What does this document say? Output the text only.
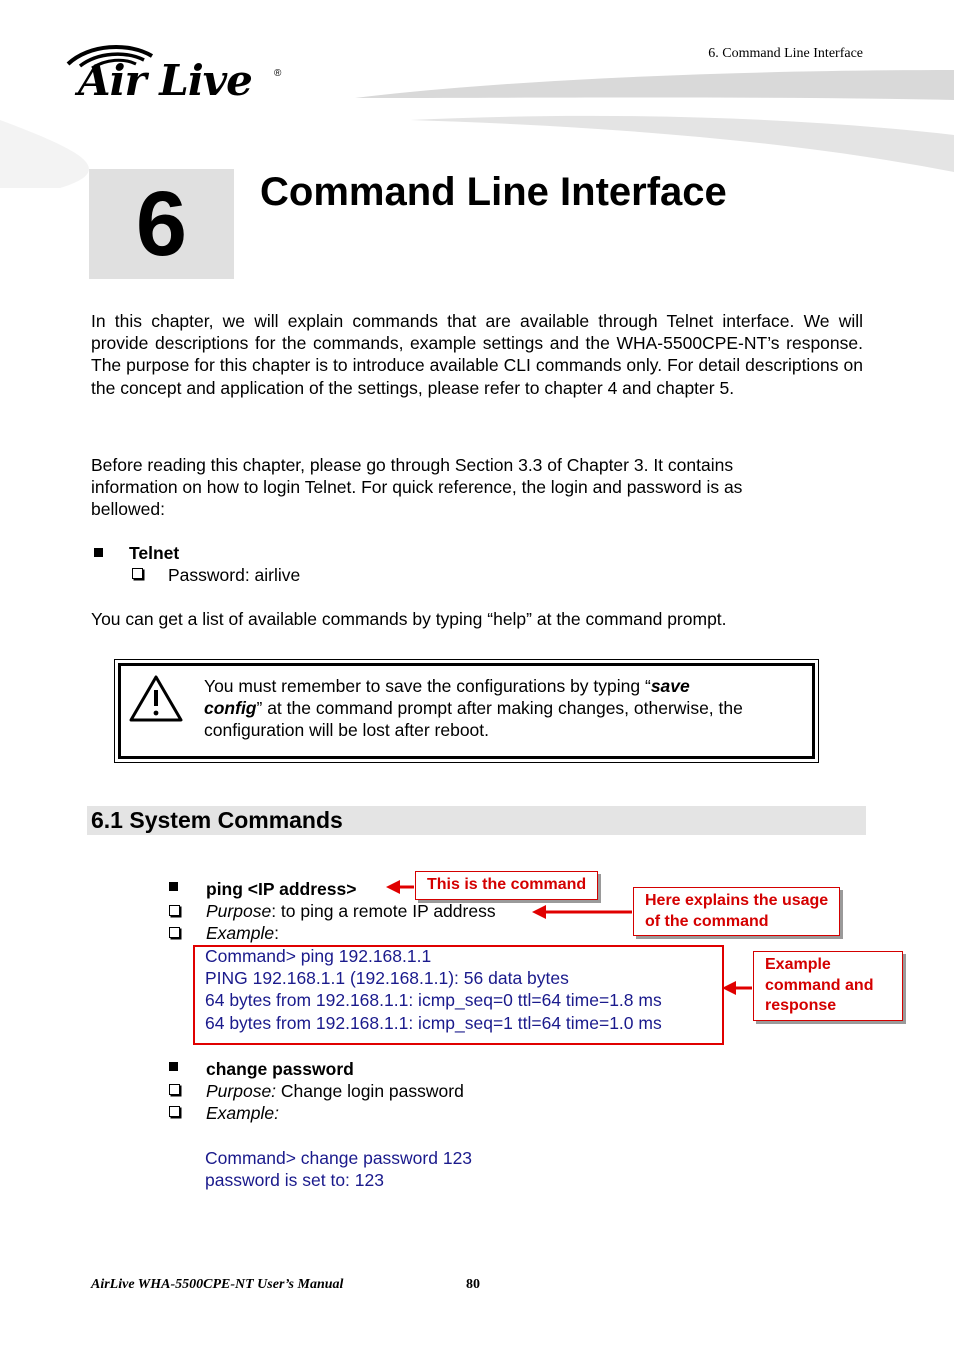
6. Command Line Interface
Air Live ®
6	Command Line Interface
In this chapter, we will explain commands that are available through Telnet interface. We will provide descriptions for the commands, example settings and the WHA-5500CPE-NT’s response. The purpose for this chapter is to introduce available CLI commands only. For detail descriptions on the concept and application of the settings, please refer to chapter 4 and chapter 5.
Before reading this chapter, please go through Section 3.3 of Chapter 3. It contains
information on how to login Telnet. For quick reference, the login and password is as
bellowed:
Telnet
Password: airlive
You can get a list of available commands by typing “help” at the command prompt.
You must remember to save the configurations by typing “save
config” at the command prompt after making changes, otherwise, the
configuration will be lost after reboot.
6.1 System Commands
ping <IP address>
Purpose: to ping a remote IP address
Example:
Command> ping 192.168.1.1
PING 192.168.1.1 (192.168.1.1): 56 data bytes
64 bytes from 192.168.1.1: icmp_seq=0 ttl=64 time=1.8 ms
64 bytes from 192.168.1.1: icmp_seq=1 ttl=64 time=1.0 ms
This is the command
Here explains the usage
of the command
Example
command and
response
change password
Purpose: Change login password
Example:
Command> change password 123
password is set to: 123
AirLive WHA-5500CPE-NT User’s Manual	80
